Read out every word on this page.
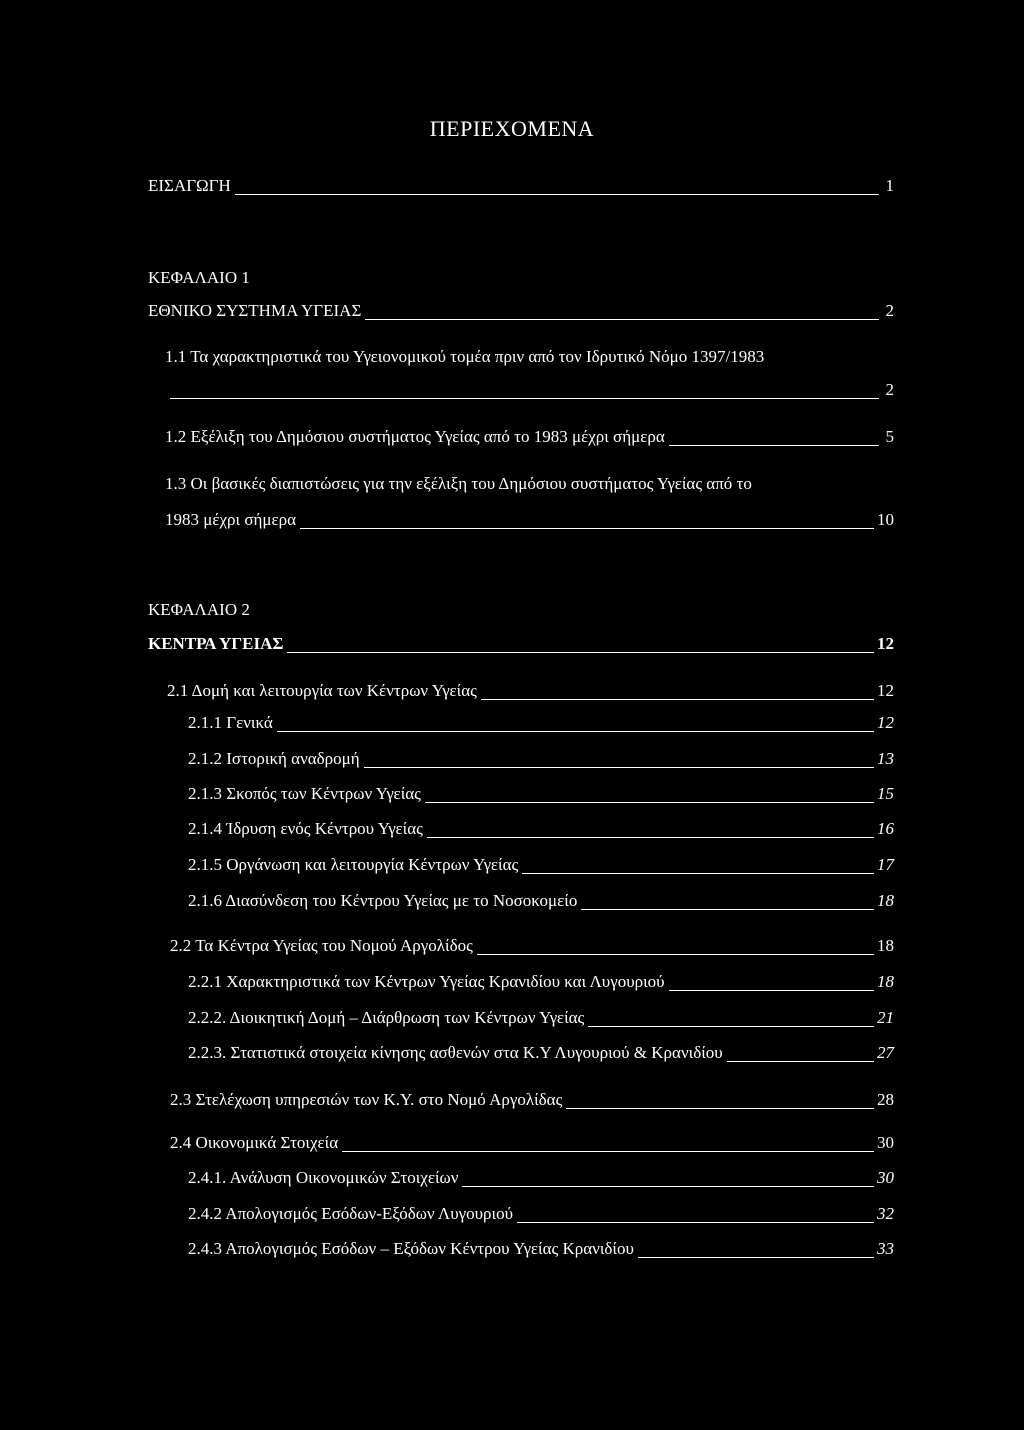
ΠΕΡΙΕΧΟΜΕΝΑ
ΕΙΣΑΓΩΓΗ	1
ΚΕΦΑΛΑΙΟ 1
ΕΘΝΙΚΟ ΣΥΣΤΗΜΑ ΥΓΕΙΑΣ	2
1.1 Τα χαρακτηριστικά του Υγειονομικού τομέα πριν από τον Ιδρυτικό Νόμο 1397/1983
2
1.2 Εξέλιξη του Δημόσιου συστήματος Υγείας από το 1983 μέχρι σήμερα	5
1.3 Οι βασικές διαπιστώσεις για την εξέλιξη του Δημόσιου συστήματος Υγείας από το
1983 μέχρι σήμερα	10
ΚΕΦΑΛΑΙΟ 2
ΚΕΝΤΡΑ ΥΓΕΙΑΣ	12
2.1 Δομή και λειτουργία των Κέντρων Υγείας	12
2.1.1 Γενικά	12
2.1.2 Ιστορική αναδρομή	13
2.1.3 Σκοπός των Κέντρων Υγείας	15
2.1.4 Ίδρυση ενός Κέντρου Υγείας	16
2.1.5 Οργάνωση και λειτουργία Κέντρων Υγείας	17
2.1.6 Διασύνδεση του Κέντρου Υγείας με το Νοσοκομείο	18
2.2 Τα Κέντρα Υγείας του Νομού Αργολίδος	18
2.2.1 Χαρακτηριστικά των Κέντρων Υγείας Κρανιδίου και Λυγουριού	18
2.2.2. Διοικητική Δομή – Διάρθρωση των Κέντρων Υγείας	21
2.2.3. Στατιστικά στοιχεία κίνησης ασθενών στα Κ.Υ Λυγουριού & Κρανιδίου	27
2.3 Στελέχωση υπηρεσιών των Κ.Υ. στο Νομό Αργολίδας	28
2.4 Οικονομικά Στοιχεία	30
2.4.1. Ανάλυση Οικονομικών Στοιχείων	30
2.4.2 Απολογισμός Εσόδων-Εξόδων Λυγουριού	32
2.4.3 Απολογισμός Εσόδων – Εξόδων Κέντρου Υγείας Κρανιδίου	33
